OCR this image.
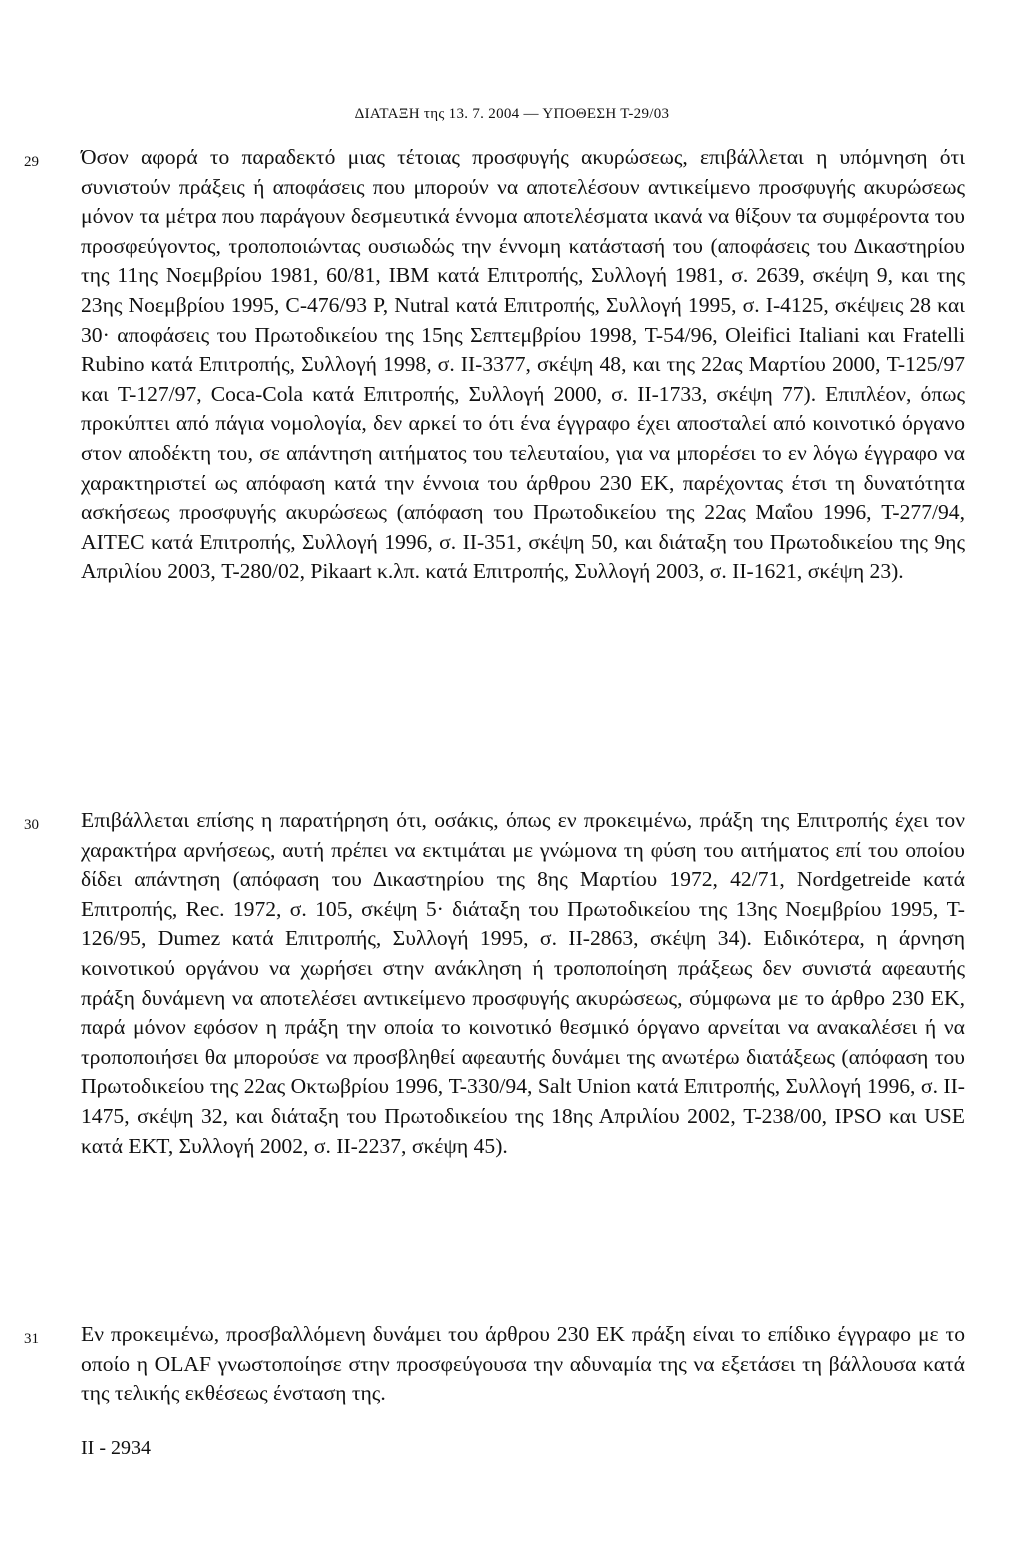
ΔΙΑΤΑΞΗ της 13. 7. 2004 — ΥΠΟΘΕΣΗ Τ-29/03
29 Όσον αφορά το παραδεκτό μιας τέτοιας προσφυγής ακυρώσεως, επιβάλλεται η υπόμνηση ότι συνιστούν πράξεις ή αποφάσεις που μπορούν να αποτελέσουν αντικείμενο προσφυγής ακυρώσεως μόνον τα μέτρα που παράγουν δεσμευτικά έννομα αποτελέσματα ικανά να θίξουν τα συμφέροντα του προσφεύγοντος, τροποποιώντας ουσιωδώς την έννομη κατάστασή του (αποφάσεις του Δικαστηρίου της 11ης Νοεμβρίου 1981, 60/81, IBM κατά Επιτροπής, Συλλογή 1981, σ. 2639, σκέψη 9, και της 23ης Νοεμβρίου 1995, C-476/93 P, Nutral κατά Επιτροπής, Συλλογή 1995, σ. I-4125, σκέψεις 28 και 30· αποφάσεις του Πρωτοδικείου της 15ης Σεπτεμβρίου 1998, T-54/96, Oleifici Italiani και Fratelli Rubino κατά Επιτροπής, Συλλογή 1998, σ. II-3377, σκέψη 48, και της 22ας Μαρτίου 2000, T-125/97 και T-127/97, Coca-Cola κατά Επιτροπής, Συλλογή 2000, σ. II-1733, σκέψη 77). Επιπλέον, όπως προκύπτει από πάγια νομολογία, δεν αρκεί το ότι ένα έγγραφο έχει αποσταλεί από κοινοτικό όργανο στον αποδέκτη του, σε απάντηση αιτήματος του τελευταίου, για να μπορέσει το εν λόγω έγγραφο να χαρακτηριστεί ως απόφαση κατά την έννοια του άρθρου 230 ΕΚ, παρέχοντας έτσι τη δυνατότητα ασκήσεως προσφυγής ακυρώσεως (απόφαση του Πρωτοδικείου της 22ας Μαΐου 1996, T-277/94, AITEC κατά Επιτροπής, Συλλογή 1996, σ. II-351, σκέψη 50, και διάταξη του Πρωτοδικείου της 9ης Απριλίου 2003, T-280/02, Pikaart κ.λπ. κατά Επιτροπής, Συλλογή 2003, σ. II-1621, σκέψη 23).

30 Επιβάλλεται επίσης η παρατήρηση ότι, οσάκις, όπως εν προκειμένω, πράξη της Επιτροπής έχει τον χαρακτήρα αρνήσεως, αυτή πρέπει να εκτιμάται με γνώμονα τη φύση του αιτήματος επί του οποίου δίδει απάντηση (απόφαση του Δικαστηρίου της 8ης Μαρτίου 1972, 42/71, Nordgetreide κατά Επιτροπής, Rec. 1972, σ. 105, σκέψη 5· διάταξη του Πρωτοδικείου της 13ης Νοεμβρίου 1995, T-126/95, Dumez κατά Επιτροπής, Συλλογή 1995, σ. II-2863, σκέψη 34). Ειδικότερα, η άρνηση κοινοτικού οργάνου να χωρήσει στην ανάκληση ή τροποποίηση πράξεως δεν συνιστά αφεαυτής πράξη δυνάμενη να αποτελέσει αντικείμενο προσφυγής ακυρώσεως, σύμφωνα με το άρθρο 230 ΕΚ, παρά μόνον εφόσον η πράξη την οποία το κοινοτικό θεσμικό όργανο αρνείται να ανακαλέσει ή να τροποποιήσει θα μπορούσε να προσβληθεί αφεαυτής δυνάμει της ανωτέρω διατάξεως (απόφαση του Πρωτοδικείου της 22ας Οκτωβρίου 1996, T-330/94, Salt Union κατά Επιτροπής, Συλλογή 1996, σ. II-1475, σκέψη 32, και διάταξη του Πρωτοδικείου της 18ης Απριλίου 2002, T-238/00, IPSO και USE κατά ΕΚΤ, Συλλογή 2002, σ. II-2237, σκέψη 45).

31 Εν προκειμένω, προσβαλλόμενη δυνάμει του άρθρου 230 ΕΚ πράξη είναι το επίδικο έγγραφο με το οποίο η OLAF γνωστοποίησε στην προσφεύγουσα την αδυναμία της να εξετάσει τη βάλλουσα κατά της τελικής εκθέσεως ένσταση της.

II - 2934
